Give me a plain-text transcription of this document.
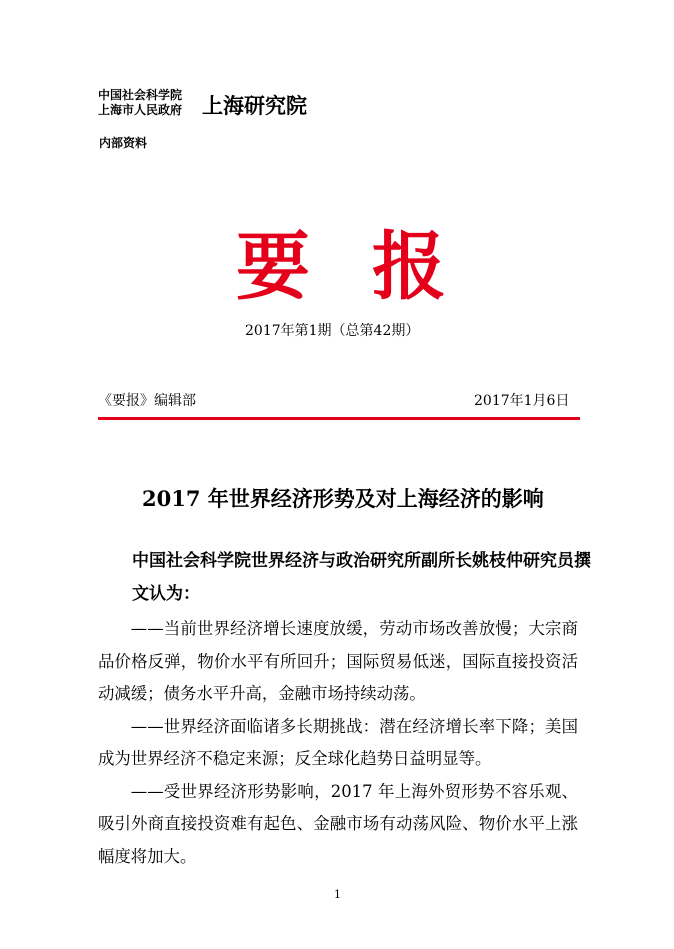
中国社会科学院
上海市人民政府 上海研究院
内部资料
要报
2017年第1期（总第42期）
《要报》编辑部	2017年1月6日
2017 年世界经济形势及对上海经济的影响
中国社会科学院世界经济与政治研究所副所长姚枝仲研究员撰文认为：

——当前世界经济增长速度放缓，劳动市场改善放慢；大宗商品价格反弹，物价水平有所回升；国际贸易低迷，国际直接投资活动减缓；债务水平升高，金融市场持续动荡。

——世界经济面临诸多长期挑战：潜在经济增长率下降；美国成为世界经济不稳定来源；反全球化趋势日益明显等。

——受世界经济形势影响，2017 年上海外贸形势不容乐观、吸引外商直接投资难有起色、金融市场有动荡风险、物价水平上涨幅度将加大。

1
